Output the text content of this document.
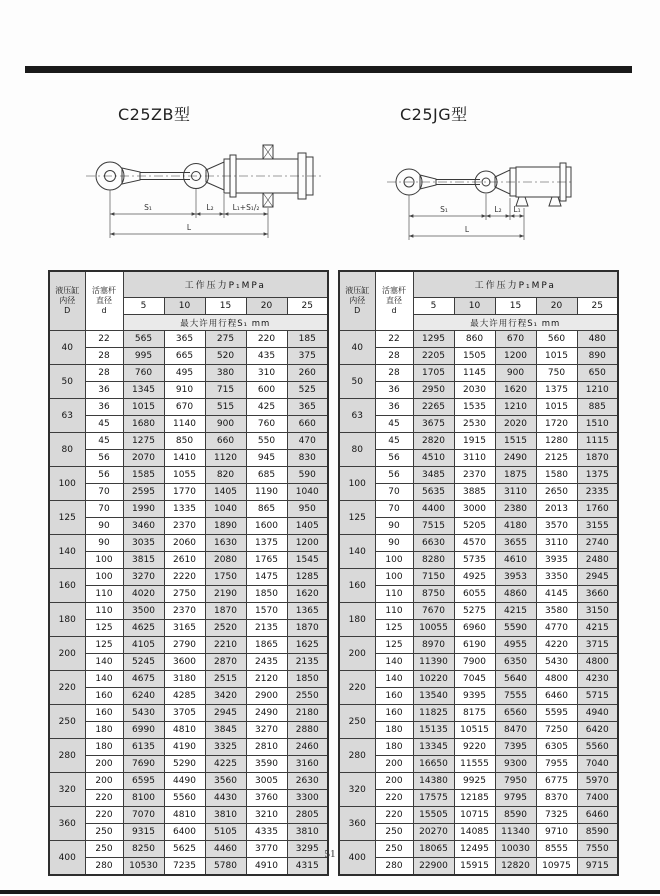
C25ZB型	C25JG型
S₁	L₂	L₁+S₁/₂
L
S₁	L₂ L₁
L
液压缸
内径
D

活塞杆
直径
d
	工作压力P₁MPa
		5	10	15	20	25
		最大许用行程S₁ mm				
40	22	565	365	275	220	185
	28	995	665	520	435	375
50	28	760	495	380	310	260
	36	1345	910	715	600	525
63	36	1015	670	515	425	365
	45	1680	1140	900	760	660
80	45	1275	850	660	550	470
	56	2070	1410	1120	945	830
100	56	1585	1055	820	685	590
	70	2595	1770	1405	1190	1040
125	70	1990	1335	1040	865	950
	90	3460	2370	1890	1600	1405
140	90	3035	2060	1630	1375	1200
	100	3815	2610	2080	1765	1545
160	100	3270	2220	1750	1475	1285
	110	4020	2750	2190	1850	1620
180	110	3500	2370	1870	1570	1365
	125	4625	3165	2520	2135	1870
200	125	4105	2790	2210	1865	1625
	140	5245	3600	2870	2435	2135
220	140	4675	3180	2515	2120	1850
	160	6240	4285	3420	2900	2550
250	160	5430	3705	2945	2490	2180
	180	6990	4810	3845	3270	2880
280	180	6135	4190	3325	2810	2460
	200	7690	5290	4225	3590	3160
320	200	6595	4490	3560	3005	2630
	220	8100	5560	4430	3760	3300
360	220	7070	4810	3810	3210	2805
	250	9315	6400	5105	4335	3810
400	250	8250	5625	4460	3770	3295
	280	10530	7235	5780	4910	4315
液压缸
内径
D

活塞杆
直径
d
	工作压力P₁MPa
		5	10	15	20	25
		最大许用行程S₁ mm				
40	22	1295	860	670	560	480
	28	2205	1505	1200	1015	890
50	28	1705	1145	900	750	650
	36	2950	2030	1620	1375	1210
63	36	2265	1535	1210	1015	885
	45	3675	2530	2020	1720	1510
80	45	2820	1915	1515	1280	1115
	56	4510	3110	2490	2125	1870
100	56	3485	2370	1875	1580	1375
	70	5635	3885	3110	2650	2335
125	70	4400	3000	2380	2013	1760
	90	7515	5205	4180	3570	3155
140	90	6630	4570	3655	3110	2740
	100	8280	5735	4610	3935	2480
160	100	7150	4925	3953	3350	2945
	110	8750	6055	4860	4145	3660
180	110	7670	5275	4215	3580	3150
	125	10055	6960	5590	4770	4215
200	125	8970	6190	4955	4220	3715
	140	11390	7900	6350	5430	4800
220	140	10220	7045	5640	4800	4230
	160	13540	9395	7555	6460	5715
250	160	11825	8175	6560	5595	4940
	180	15135	10515	8470	7250	6420
280	180	13345	9220	7395	6305	5560
	200	16650	11555	9300	7955	7040
320	200	14380	9925	7950	6775	5970
	220	17575	12185	9795	8370	7400
360	220	15505	10715	8590	7325	6460
	250	20270	14085	11340	9710	8590
400	250	18065	12495	10030	8555	7550
	280	22900	15915	12820	10975	9715
51
